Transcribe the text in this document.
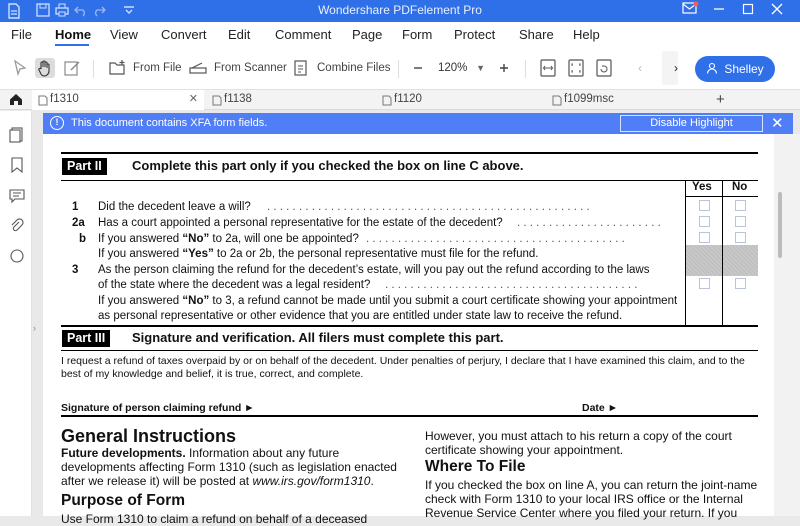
Wondershare PDFelement Pro
File Home View Convert Edit Comment Page Form Protect Share Help
From File	From Scanner	Combine Files	120% ▼	‹	›	Shelley
f1310	✕ f1138	f1120	f1099msc	+
›
!	This document contains XFA form fields.	Disable Highlight	✕
Part II	Complete this part only if you checked the box on line C above.
Yes No
1 Did the decedent leave a will? . . . . . . . . . . . . . . . . . . . . . . . . . . . . . . . . . . . . . . . . . . . . . . . . . . .
2a Has a court appointed a personal representative for the estate of the decedent? . . . . . . . . . . . . . . . . . . . . . . .
b If you answered “No” to 2a, will one be appointed? . . . . . . . . . . . . . . . . . . . . . . . . . . . . . . . . . . . . . . . . .
If you answered “Yes” to 2a or 2b, the personal representative must file for the refund.
3 As the person claiming the refund for the decedent’s estate, will you pay out the refund according to the laws
of the state where the decedent was a legal resident? . . . . . . . . . . . . . . . . . . . . . . . . . . . . . . . . . . . . . . . .
If you answered “No” to 3, a refund cannot be made until you submit a court certificate showing your appointment
as personal representative or other evidence that you are entitled under state law to receive the refund.
Part III	Signature and verification. All filers must complete this part.
I request a refund of taxes overpaid by or on behalf of the decedent. Under penalties of perjury, I declare that I have examined this claim, and to the
best of my knowledge and belief, it is true, correct, and complete.
Signature of person claiming refund ►	Date ►
General Instructions
Future developments. Information about any future
developments affecting Form 1310 (such as legislation enacted
after we release it) will be posted at www.irs.gov/form1310.
Purpose of Form
Use Form 1310 to claim a refund on behalf of a deceased
However, you must attach to his return a copy of the court
certificate showing your appointment.
Where To File
If you checked the box on line A, you can return the joint-name
check with Form 1310 to your local IRS office or the Internal
Revenue Service Center where you filed your return. If you
